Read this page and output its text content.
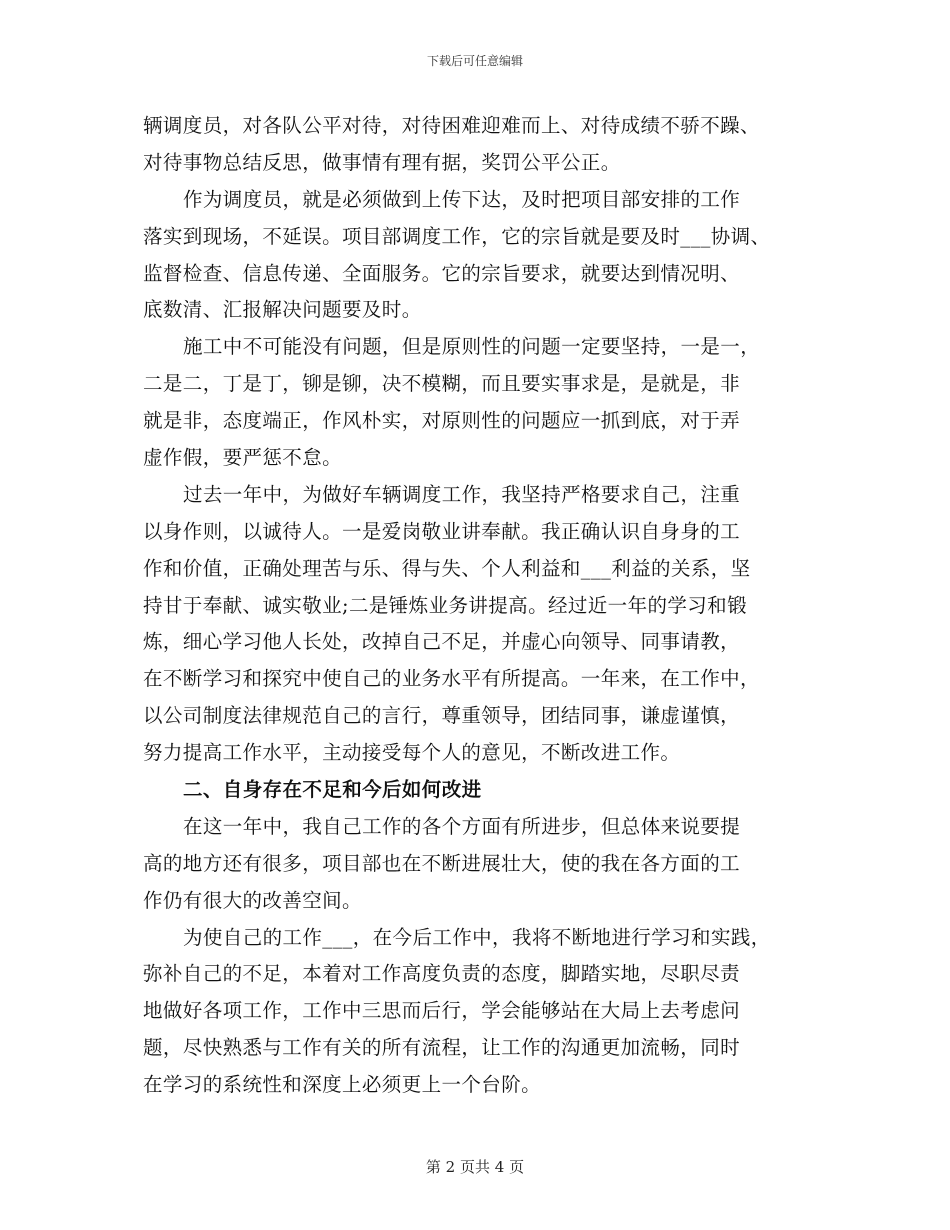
下载后可任意编辑
辆调度员，对各队公平对待，对待困难迎难而上、对待成绩不骄不躁、
对待事物总结反思，做事情有理有据，奖罚公平公正。
作为调度员，就是必须做到上传下达，及时把项目部安排的工作
落实到现场，不延误。项目部调度工作，它的宗旨就是要及时___协调、
监督检查、信息传递、全面服务。它的宗旨要求，就要达到情况明、
底数清、汇报解决问题要及时。
施工中不可能没有问题，但是原则性的问题一定要坚持，一是一，
二是二，丁是丁，铆是铆，决不模糊，而且要实事求是，是就是，非
就是非，态度端正，作风朴实，对原则性的问题应一抓到底，对于弄
虚作假，要严惩不怠。
过去一年中，为做好车辆调度工作，我坚持严格要求自己，注重
以身作则，以诚待人。一是爱岗敬业讲奉献。我正确认识自身身的工
作和价值，正确处理苦与乐、得与失、个人利益和___利益的关系，坚
持甘于奉献、诚实敬业;二是锤炼业务讲提高。经过近一年的学习和锻
炼，细心学习他人长处，改掉自己不足，并虚心向领导、同事请教，
在不断学习和探究中使自己的业务水平有所提高。一年来，在工作中，
以公司制度法律规范自己的言行，尊重领导，团结同事，谦虚谨慎，
努力提高工作水平，主动接受每个人的意见，不断改进工作。
二、自身存在不足和今后如何改进
在这一年中，我自己工作的各个方面有所进步，但总体来说要提
高的地方还有很多，项目部也在不断进展壮大，使的我在各方面的工
作仍有很大的改善空间。
为使自己的工作___，在今后工作中，我将不断地进行学习和实践，
弥补自己的不足，本着对工作高度负责的态度，脚踏实地，尽职尽责
地做好各项工作，工作中三思而后行，学会能够站在大局上去考虑问
题，尽快熟悉与工作有关的所有流程，让工作的沟通更加流畅，同时
在学习的系统性和深度上必须更上一个台阶。
第 2 页共 4 页
